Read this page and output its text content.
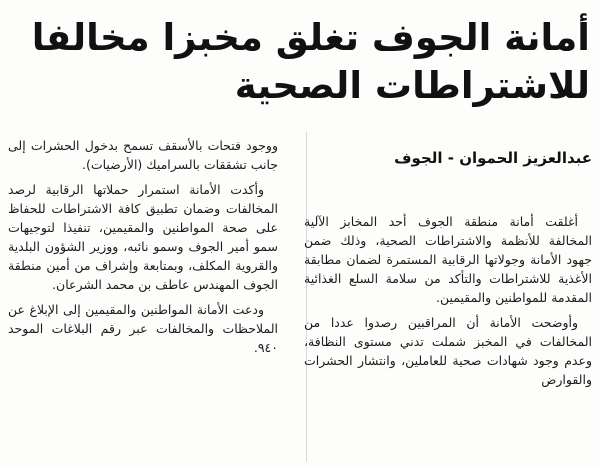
أمانة الجوف تغلق مخبزا مخالفا
للاشتراطات الصحية
عبدالعزيز الحموان - الجوف

أغلقت أمانة منطقة الجوف أحد المخابز الآلية المخالفة للأنظمة والاشتراطات الصحية، وذلك ضمن جهود الأمانة وجولاتها الرقابية المستمرة لضمان مطابقة الأغذية للاشتراطات والتأكد من سلامة السلع الغذائية المقدمة للمواطنين والمقيمين.

وأوضحت الأمانة أن المراقبين رصدوا عددا من المخالفات في المخبز شملت تدني مستوى النظافة، وعدم وجود شهادات صحية للعاملين، وانتشار الحشرات والقوارض

ووجود فتحات بالأسقف تسمح بدخول الحشرات إلى جانب تشققات بالسراميك (الأرضيات).

وأكدت الأمانة استمرار حملاتها الرقابية لرصد المخالفات وضمان تطبيق كافة الاشتراطات للحفاظ على صحة المواطنين والمقيمين، تنفيذا لتوجيهات سمو أمير الجوف وسمو نائبه، ووزير الشؤون البلدية والقروية المكلف، وبمتابعة وإشراف من أمين منطقة الجوف المهندس عاطف بن محمد الشرعان.

ودعت الأمانة المواطنين والمقيمين إلى الإبلاغ عن الملاحظات والمخالفات عبر رقم البلاغات الموحد ٩٤٠.
